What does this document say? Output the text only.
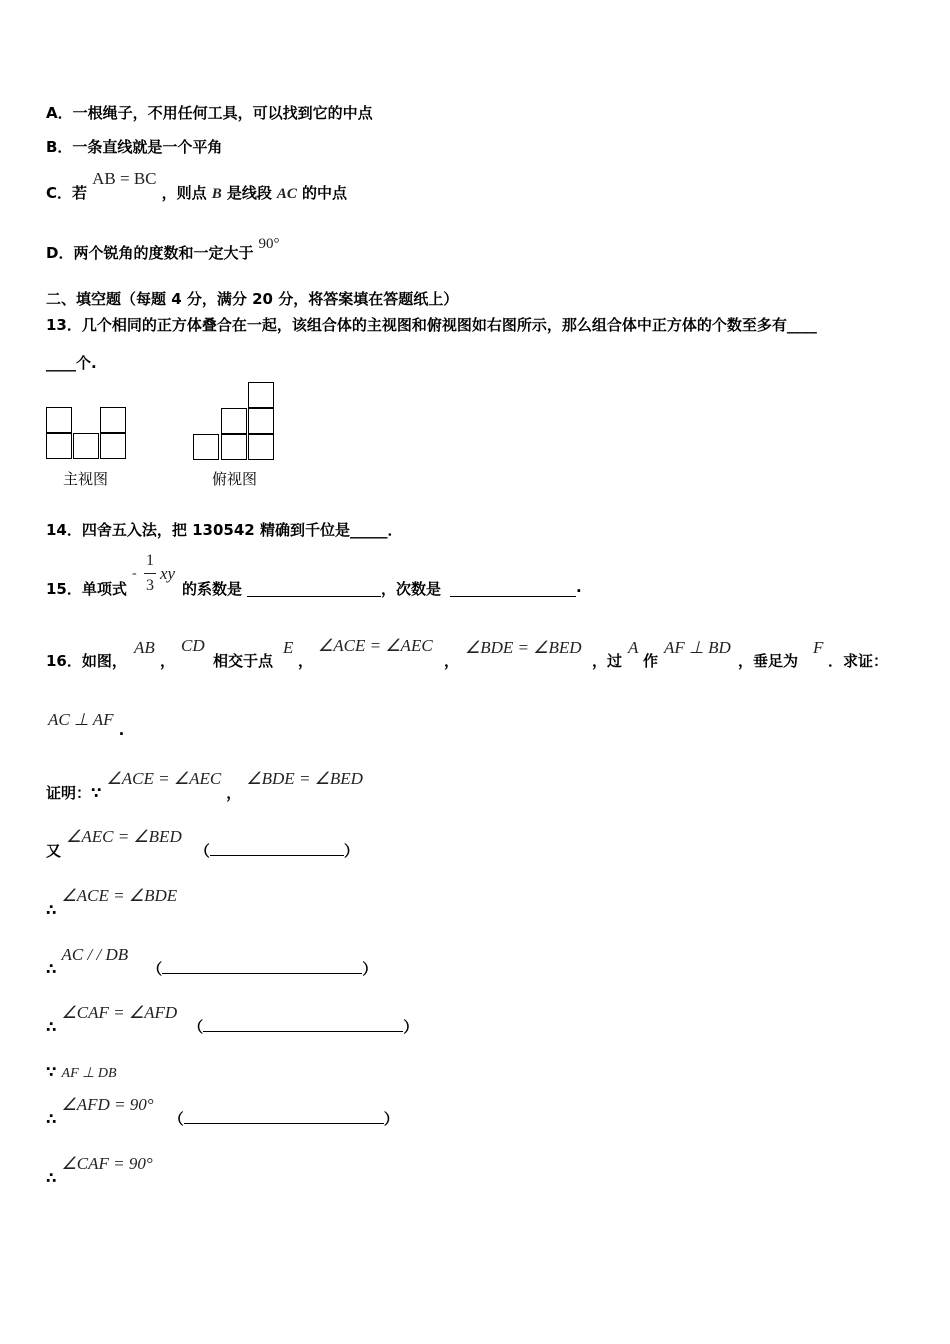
A．一根绳子，不用任何工具，可以找到它的中点
B．一条直线就是一个平角
C．若 AB = BC ，则点 B 是线段 AC 的中点
D．两个锐角的度数和一定大于 90°
二、填空题（每题 4 分，满分 20 分，将答案填在答题纸上）
13．几个相同的正方体叠合在一起，该组合体的主视图和俯视图如右图所示，那么组合体中正方体的个数至多有____
____个.
主视图	俯视图
14．四舍五入法，把 130542 精确到千位是_____．
15．单项式
-
1
3
xy
的系数是	，次数是	.
16．如图，
AB
，
CD
相交于点
E
，
∠ACE = ∠AEC
，
∠BDE = ∠BED
，过
A
作
AF ⊥ BD
，垂足为
F
．求证：
AC ⊥ AF .
证明：∵ ∠ACE = ∠AEC ， ∠BDE = ∠BED
又 ∠AEC = ∠BED （	）
∴ ∠ACE = ∠BDE
∴ AC / / DB （	）
∴ ∠CAF = ∠AFD （	）
∵ AF ⊥ DB
∴ ∠AFD = 90° （	）
∴ ∠CAF = 90°
